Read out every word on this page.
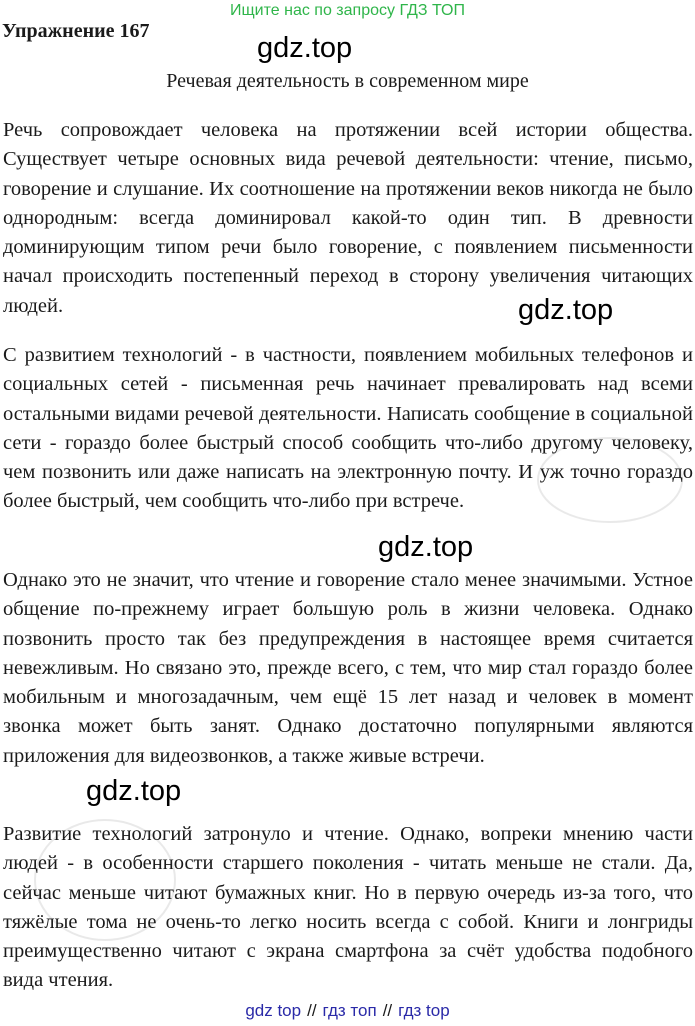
Ищите нас по запросу ГДЗ ТОП
Упражнение 167
gdz.top
Речевая деятельность в современном мире

Речь сопровождает человека на протяжении всей истории общества. Существует четыре основных вида речевой деятельности: чтение, письмо, говорение и слушание. Их соотношение на протяжении веков никогда не было однородным: всегда доминировал какой-то один тип. В древности доминирующим типом речи было говорение, с появлением письменности начал происходить постепенный переход в сторону увеличения читающих людей.	gdz.top

С развитием технологий - в частности, появлением мобильных телефонов и социальных сетей - письменная речь начинает превалировать над всеми остальными видами речевой деятельности. Написать сообщение в социальной сети - гораздо более быстрый способ сообщить что-либо другому человеку, чем позвонить или даже написать на электронную почту. И уж точно гораздо более быстрый, чем сообщить что-либо при встрече.

gdz.top

Однако это не значит, что чтение и говорение стало менее значимыми. Устное общение по-прежнему играет большую роль в жизни человека. Однако позвонить просто так без предупреждения в настоящее время считается невежливым. Но связано это, прежде всего, с тем, что мир стал гораздо более мобильным и многозадачным, чем ещё 15 лет назад и человек в момент звонка может быть занят. Однако достаточно популярными являются приложения для видеозвонков, а также живые встречи.

gdz.top

Развитие технологий затронуло и чтение. Однако, вопреки мнению части людей - в особенности старшего поколения - читать меньше не стали. Да, сейчас меньше читают бумажных книг. Но в первую очередь из-за того, что тяжёлые тома не очень-то легко носить всегда с собой. Книги и лонгриды преимущественно читают с экрана смартфона за счёт удобства подобного вида чтения.

gdz top // гдз топ // гдз top
